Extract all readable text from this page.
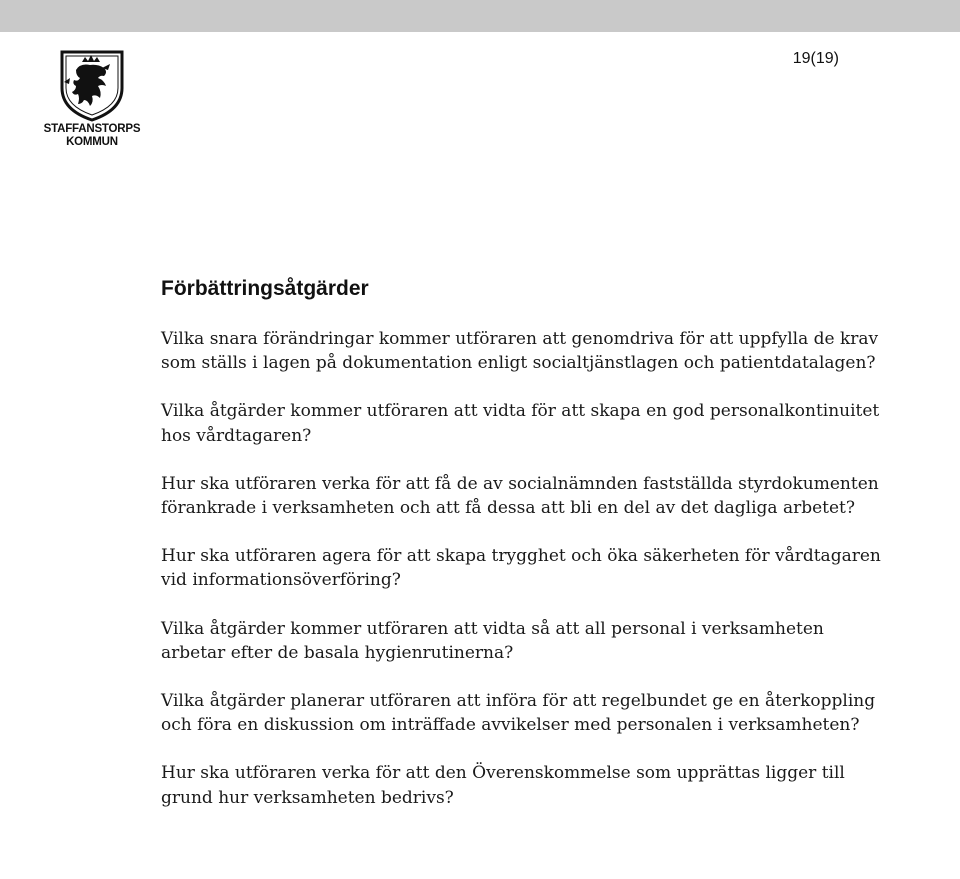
STAFFANSTORPS
KOMMUN
19(19)
Förbättringsåtgärder

Vilka snara förändringar kommer utföraren att genomdriva för att uppfylla de krav som ställs i lagen på dokumentation enligt socialtjänstlagen och patientdatalagen?

Vilka åtgärder kommer utföraren att vidta för att skapa en god personalkontinuitet hos vårdtagaren?

Hur ska utföraren verka för att få de av socialnämnden fastställda styrdokumenten förankrade i verksamheten och att få dessa att bli en del av det dagliga arbetet?

Hur ska utföraren agera för att skapa trygghet och öka säkerheten för vårdtagaren vid informationsöverföring?

Vilka åtgärder kommer utföraren att vidta så att all personal i verksamheten arbetar efter de basala hygienrutinerna?

Vilka åtgärder planerar utföraren att införa för att regelbundet ge en återkoppling och föra en diskussion om inträffade avvikelser med personalen i verksamheten?

Hur ska utföraren verka för att den Överenskommelse som upprättas ligger till grund hur verksamheten bedrivs?
